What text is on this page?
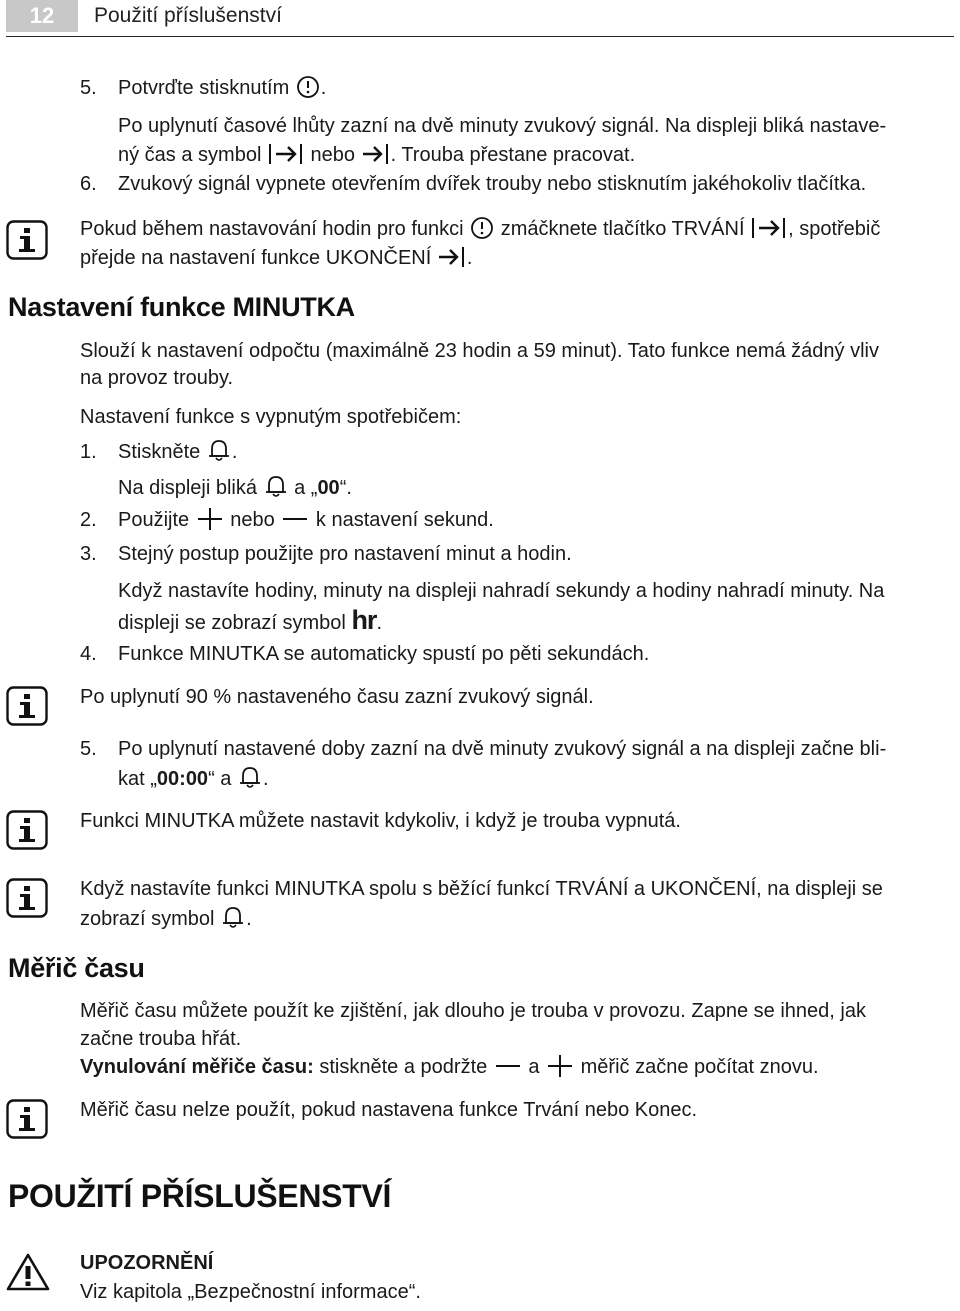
12	Použití příslušenství
5. Potvrďte stisknutím .
Po uplynutí časové lhůty zazní na dvě minuty zvukový signál. Na displeji bliká nastave-
ný čas a symbol nebo . Trouba přestane pracovat.
6. Zvukový signál vypnete otevřením dvířek trouby nebo stisknutím jakéhokoliv tlačítka.
Pokud během nastavování hodin pro funkci zmáčknete tlačítko TRVÁNÍ , spotřebič
přejde na nastavení funkce UKONČENÍ .
Nastavení funkce MINUTKA
Slouží k nastavení odpočtu (maximálně 23 hodin a 59 minut). Tato funkce nemá žádný vliv
na provoz trouby.
Nastavení funkce s vypnutým spotřebičem:
1. Stiskněte .
Na displeji bliká a „00“.
2. Použijte nebo k nastavení sekund.
3. Stejný postup použijte pro nastavení minut a hodin.
Když nastavíte hodiny, minuty na displeji nahradí sekundy a hodiny nahradí minuty. Na
displeji se zobrazí symbol hr.
4. Funkce MINUTKA se automaticky spustí po pěti sekundách.
Po uplynutí 90 % nastaveného času zazní zvukový signál.
5. Po uplynutí nastavené doby zazní na dvě minuty zvukový signál a na displeji začne bli-
kat „00:00“ a .
Funkci MINUTKA můžete nastavit kdykoliv, i když je trouba vypnutá.
Když nastavíte funkci MINUTKA spolu s běžící funkcí TRVÁNÍ a UKONČENÍ, na displeji se
zobrazí symbol .
Měřič času
Měřič času můžete použít ke zjištění, jak dlouho je trouba v provozu. Zapne se ihned, jak
začne trouba hřát.
Vynulování měřiče času: stiskněte a podržte a měřič začne počítat znovu.
Měřič času nelze použít, pokud nastavena funkce Trvání nebo Konec.
POUŽITÍ PŘÍSLUŠENSTVÍ
UPOZORNĚNÍ
Viz kapitola „Bezpečnostní informace“.
